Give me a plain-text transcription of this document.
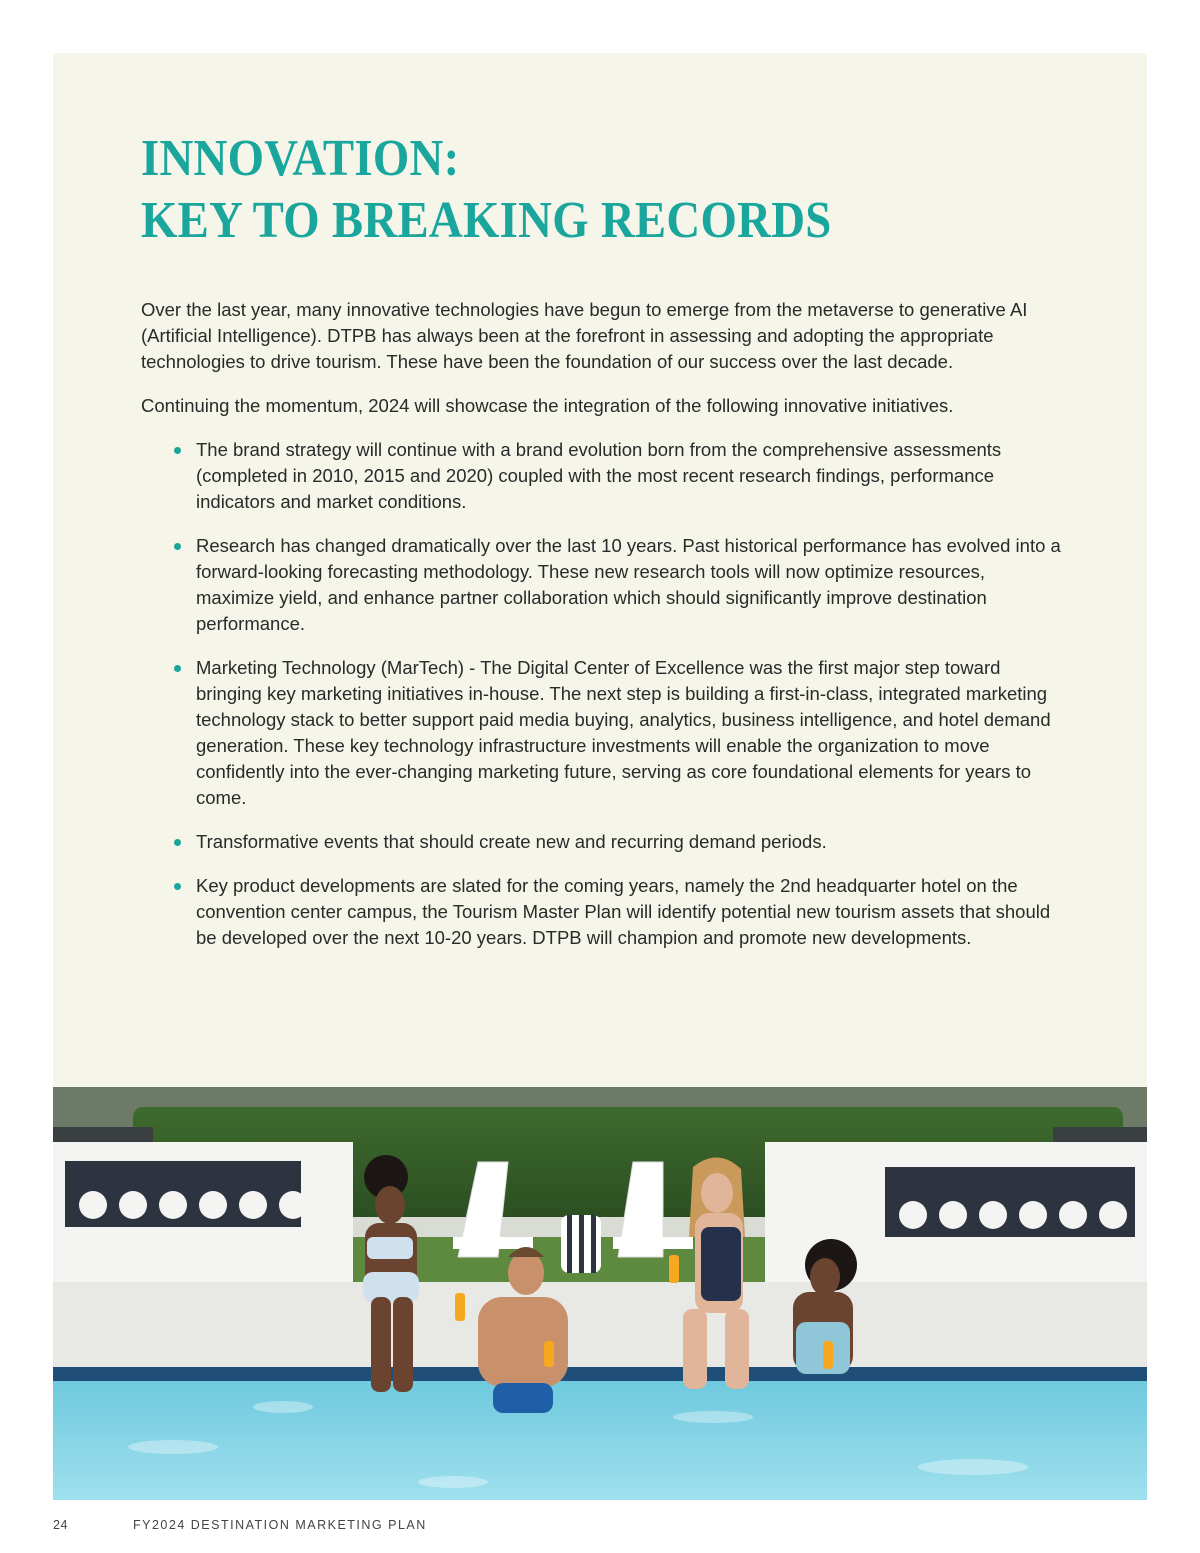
INNOVATION:
KEY TO BREAKING RECORDS

Over the last year, many innovative technologies have begun to emerge from the metaverse to generative AI (Artificial Intelligence). DTPB has always been at the forefront in assessing and adopting the appropriate technologies to drive tourism. These have been the foundation of our success over the last decade.

Continuing the momentum, 2024 will showcase the integration of the following innovative initiatives.

The brand strategy will continue with a brand evolution born from the comprehensive assessments (completed in 2010, 2015 and 2020) coupled with the most recent research findings, performance indicators and market conditions.
Research has changed dramatically over the last 10 years. Past historical performance has evolved into a forward-looking forecasting methodology. These new research tools will now optimize resources, maximize yield, and enhance partner collaboration which should significantly improve destination performance.
Marketing Technology (MarTech) - The Digital Center of Excellence was the first major step toward bringing key marketing initiatives in-house. The next step is building a first-in-class, integrated marketing technology stack to better support paid media buying, analytics, business intelligence, and hotel demand generation. These key technology infrastructure investments will enable the organization to move confidently into the ever-changing marketing future, serving as core foundational elements for years to come.
Transformative events that should create new and recurring demand periods.
Key product developments are slated for the coming years, namely the 2nd headquarter hotel on the convention center campus, the Tourism Master Plan will identify potential new tourism assets that should be developed over the next 10-20 years. DTPB will champion and promote new developments.
24	FY2024 DESTINATION MARKETING PLAN
